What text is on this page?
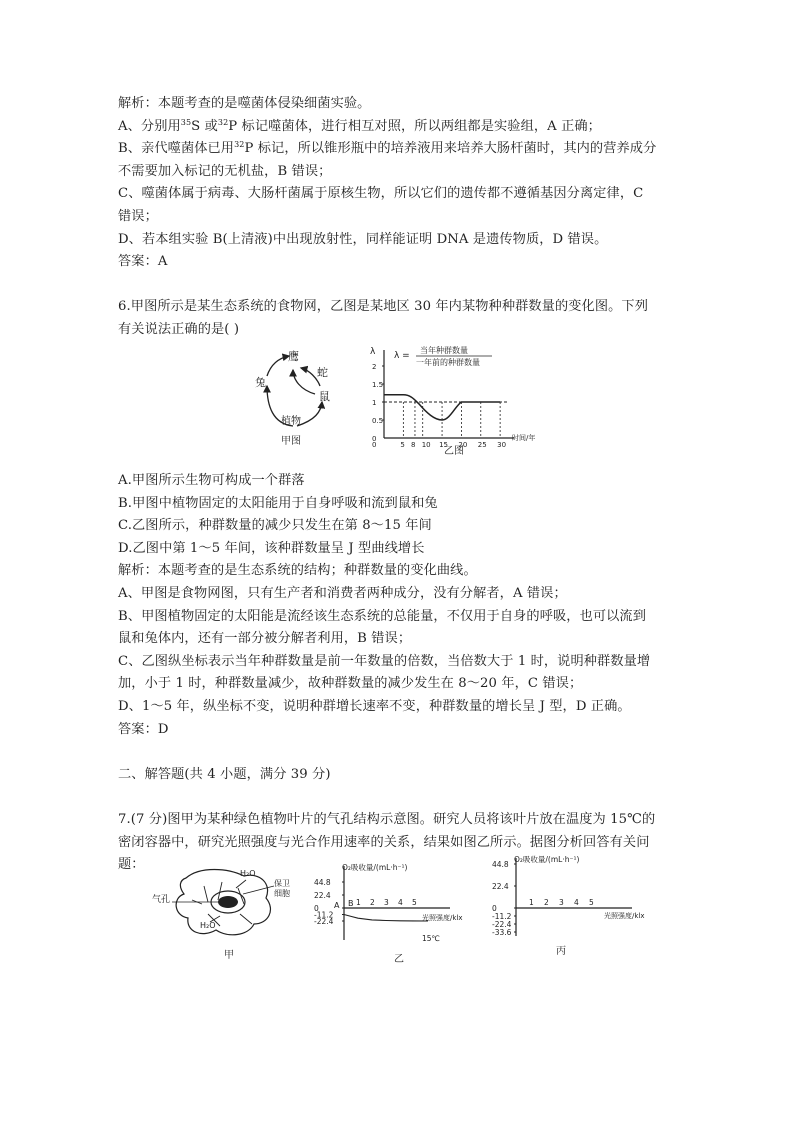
解析：本题考查的是噬菌体侵染细菌实验。
A、分别用$^{35}$S 或$^{32}$P 标记噬菌体，进行相互对照，所以两组都是实验组，A 正确；
B、亲代噬菌体已用$^{32}$P 标记，所以锥形瓶中的培养液用来培养大肠杆菌时，其内的营养成分
不需要加入标记的无机盐，B 错误；
C、噬菌体属于病毒、大肠杆菌属于原核生物，所以它们的遗传都不遵循基因分离定律，C
错误；
D、若本组实验 B(上清液)中出现放射性，同样能证明 DNA 是遗传物质，D 错误。
答案：A
6.甲图所示是某生态系统的食物网，乙图是某地区 30 年内某物种种群数量的变化图。下列
有关说法正确的是( )
鹰
兔
蛇
鼠
植物
甲图
λ λ =
当年种群数量
一年前的种群数量
2
1.5
1
0.5
0
5 8 10 15 20 25 30
0
时间/年
乙图
A.甲图所示生物可构成一个群落
B.甲图中植物固定的太阳能用于自身呼吸和流到鼠和兔
C.乙图所示，种群数量的减少只发生在第 8～15 年间
D.乙图中第 1～5 年间，该种群数量呈 J 型曲线增长
解析：本题考查的是生态系统的结构；种群数量的变化曲线。
A、甲图是食物网图，只有生产者和消费者两种成分，没有分解者，A 错误；
B、甲图植物固定的太阳能是流经该生态系统的总能量，不仅用于自身的呼吸，也可以流到
鼠和兔体内，还有一部分被分解者利用，B 错误；
C、乙图纵坐标表示当年种群数量是前一年数量的倍数，当倍数大于 1 时，说明种群数量增
加，小于 1 时，种群数量减少，故种群数量的减少发生在 8～20 年，C 错误；
D、1～5 年，纵坐标不变，说明种群增长速率不变，种群数量的增长呈 J 型，D 正确。
答案：D
二、解答题(共 4 小题，满分 39 分)
7.(7 分)图甲为某种绿色植物叶片的气孔结构示意图。研究人员将该叶片放在温度为 15℃的
密闭容器中，研究光照强度与光合作用速率的关系，结果如图乙所示。据图分析回答有关问
题：
H₂O
H₂O
气孔
保卫
细胞
甲
O₂吸收量/(mL·h⁻¹)
44.8
22.4
0
-11.2
-22.4
1 2 3 4 5
光照强度/klx
A B
15℃
乙
O₂吸收量/(mL·h⁻¹)
44.8
22.4
0
-11.2
-22.4
-33.6
1 2 3 4 5
光照强度/klx
丙
